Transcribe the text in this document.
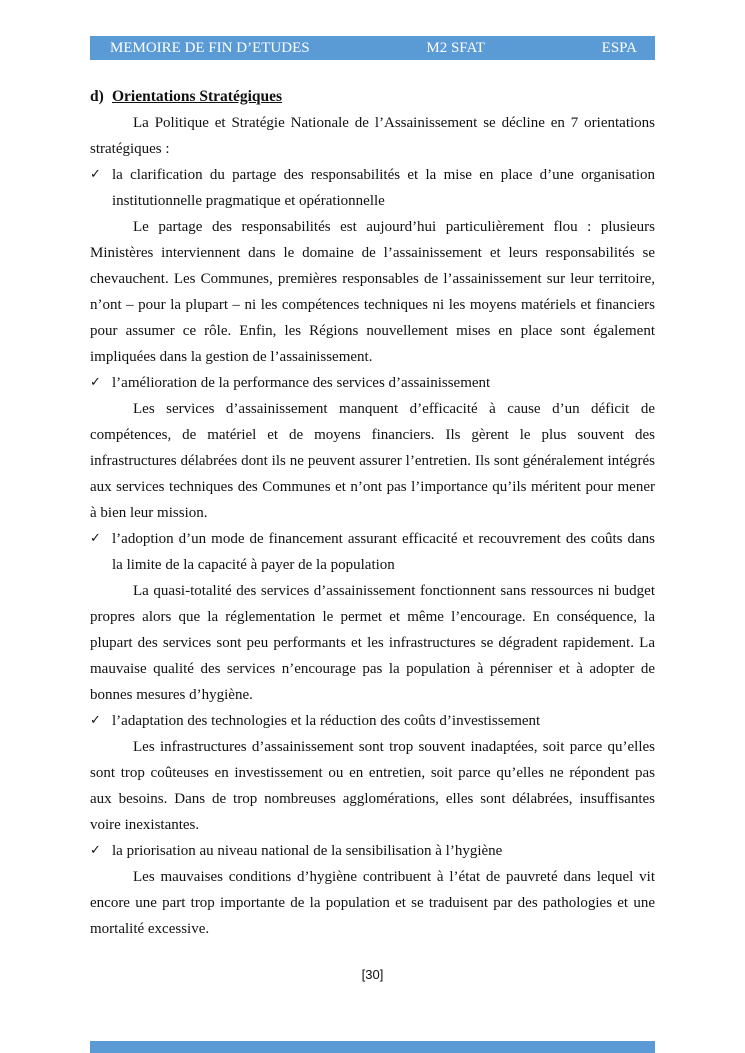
MEMOIRE DE FIN D’ETUDES	M2 SFAT	ESPA
d) Orientations Stratégiques

La Politique et Stratégie Nationale de l’Assainissement se décline en 7 orientations stratégiques :

✓ la clarification du partage des responsabilités et la mise en place d’une organisation institutionnelle pragmatique et opérationnelle

Le partage des responsabilités est aujourd’hui particulièrement flou : plusieurs Ministères interviennent dans le domaine de l’assainissement et leurs responsabilités se chevauchent. Les Communes, premières responsables de l’assainissement sur leur territoire, n’ont – pour la plupart – ni les compétences techniques ni les moyens matériels et financiers pour assumer ce rôle. Enfin, les Régions nouvellement mises en place sont également impliquées dans la gestion de l’assainissement.

✓ l’amélioration de la performance des services d’assainissement

Les services d’assainissement manquent d’efficacité à cause d’un déficit de compétences, de matériel et de moyens financiers. Ils gèrent le plus souvent des infrastructures délabrées dont ils ne peuvent assurer l’entretien. Ils sont généralement intégrés aux services techniques des Communes et n’ont pas l’importance qu’ils méritent pour mener à bien leur mission.

✓ l’adoption d’un mode de financement assurant efficacité et recouvrement des coûts dans la limite de la capacité à payer de la population

La quasi-totalité des services d’assainissement fonctionnent sans ressources ni budget propres alors que la réglementation le permet et même l’encourage. En conséquence, la plupart des services sont peu performants et les infrastructures se dégradent rapidement. La mauvaise qualité des services n’encourage pas la population à pérenniser et à adopter de bonnes mesures d’hygiène.

✓ l’adaptation des technologies et la réduction des coûts d’investissement

Les infrastructures d’assainissement sont trop souvent inadaptées, soit parce qu’elles sont trop coûteuses en investissement ou en entretien, soit parce qu’elles ne répondent pas aux besoins. Dans de trop nombreuses agglomérations, elles sont délabrées, insuffisantes voire inexistantes.

✓ la priorisation au niveau national de la sensibilisation à l’hygiène

Les mauvaises conditions d’hygiène contribuent à l’état de pauvreté dans lequel vit encore une part trop importante de la population et se traduisent par des pathologies et une mortalité excessive.

[30]
